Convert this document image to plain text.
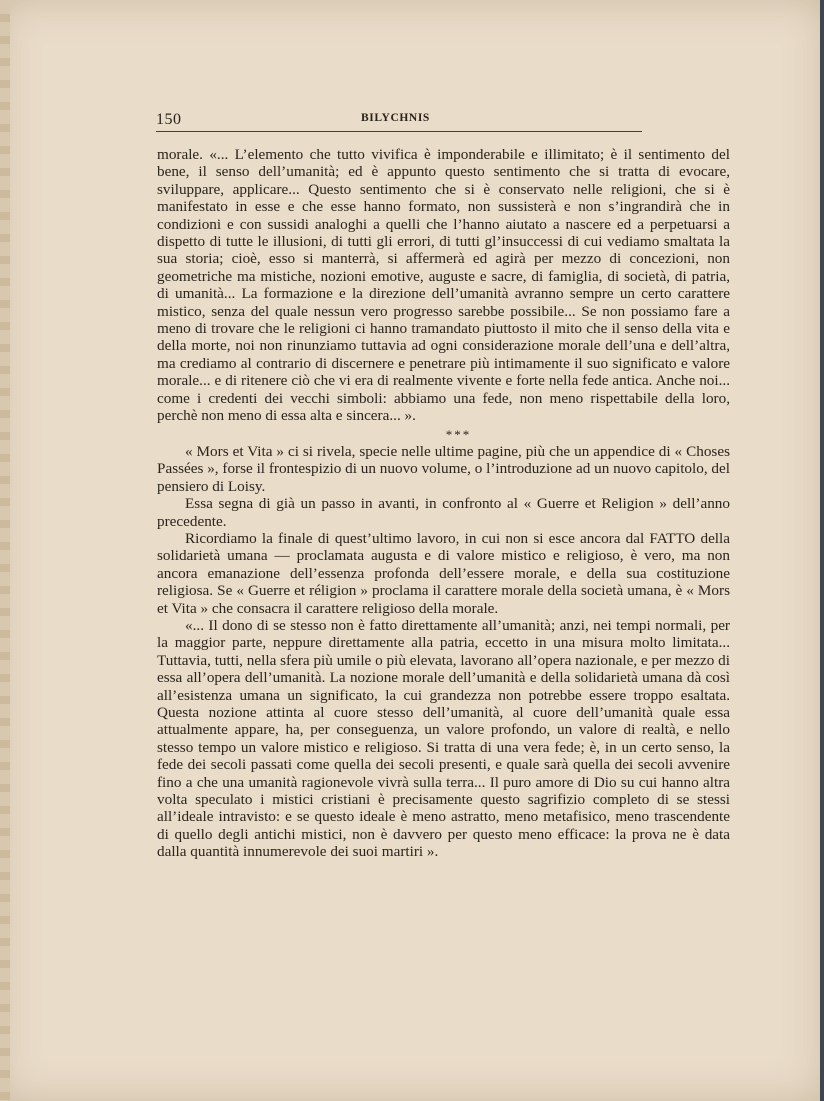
150	BILYCHNIS

morale. «... L’elemento che tutto vivifica è imponderabile e illimitato; è il sentimento del bene, il senso dell’umanità; ed è appunto questo sentimento che si tratta di evocare, sviluppare, applicare... Questo sentimento che si è conservato nelle religioni, che si è manifestato in esse e che esse hanno formato, non sussisterà e non s’ingrandirà che in condizioni e con sussidi analoghi a quelli che l’hanno aiutato a nascere ed a perpetuarsi a dispetto di tutte le illusioni, di tutti gli errori, di tutti gl’insuccessi di cui vediamo smaltata la sua storia; cioè, esso si manterrà, si affermerà ed agirà per mezzo di concezioni, non geometriche ma mistiche, nozioni emotive, auguste e sacre, di famiglia, di società, di patria, di umanità... La formazione e la direzione dell’umanità avranno sempre un certo carattere mistico, senza del quale nessun vero progresso sarebbe possibile... Se non possiamo fare a meno di trovare che le religioni ci hanno tramandato piuttosto il mito che il senso della vita e della morte, noi non rinunziamo tuttavia ad ogni considerazione morale dell’una e dell’altra, ma crediamo al contrario di discernere e penetrare più intimamente il suo significato e valore morale... e di ritenere ciò che vi era di realmente vivente e forte nella fede antica. Anche noi... come i credenti dei vecchi simboli: abbiamo una fede, non meno rispettabile della loro, perchè non meno di essa alta e sincera... ».

***

« Mors et Vita » ci si rivela, specie nelle ultime pagine, più che un appendice di « Choses Passées », forse il frontespizio di un nuovo volume, o l’introduzione ad un nuovo capitolo, del pensiero di Loisy.

Essa segna di già un passo in avanti, in confronto al « Guerre et Religion » dell’anno precedente.

Ricordiamo la finale di quest’ultimo lavoro, in cui non si esce ancora dal FATTO della solidarietà umana — proclamata augusta e di valore mistico e religioso, è vero, ma non ancora emanazione dell’essenza profonda dell’essere morale, e della sua costituzione religiosa. Se « Guerre et réligion » proclama il carattere morale della società umana, è « Mors et Vita » che consacra il carattere religioso della morale.

«... Il dono di se stesso non è fatto direttamente all’umanità; anzi, nei tempi normali, per la maggior parte, neppure direttamente alla patria, eccetto in una misura molto limitata... Tuttavia, tutti, nella sfera più umile o più elevata, lavorano all’opera nazionale, e per mezzo di essa all’opera dell’umanità. La nozione morale dell’umanità e della solidarietà umana dà così all’esistenza umana un significato, la cui grandezza non potrebbe essere troppo esaltata. Questa nozione attinta al cuore stesso dell’umanità, al cuore dell’umanità quale essa attualmente appare, ha, per conseguenza, un valore profondo, un valore di realtà, e nello stesso tempo un valore mistico e religioso. Si tratta di una vera fede; è, in un certo senso, la fede dei secoli passati come quella dei secoli presenti, e quale sarà quella dei secoli avvenire fino a che una umanità ragionevole vivrà sulla terra... Il puro amore di Dio su cui hanno altra volta speculato i mistici cristiani è precisamente questo sagrifizio completo di se stessi all’ideale intravisto: e se questo ideale è meno astratto, meno metafisico, meno trascendente di quello degli antichi mistici, non è davvero per questo meno efficace: la prova ne è data dalla quantità innumerevole dei suoi martiri ».
